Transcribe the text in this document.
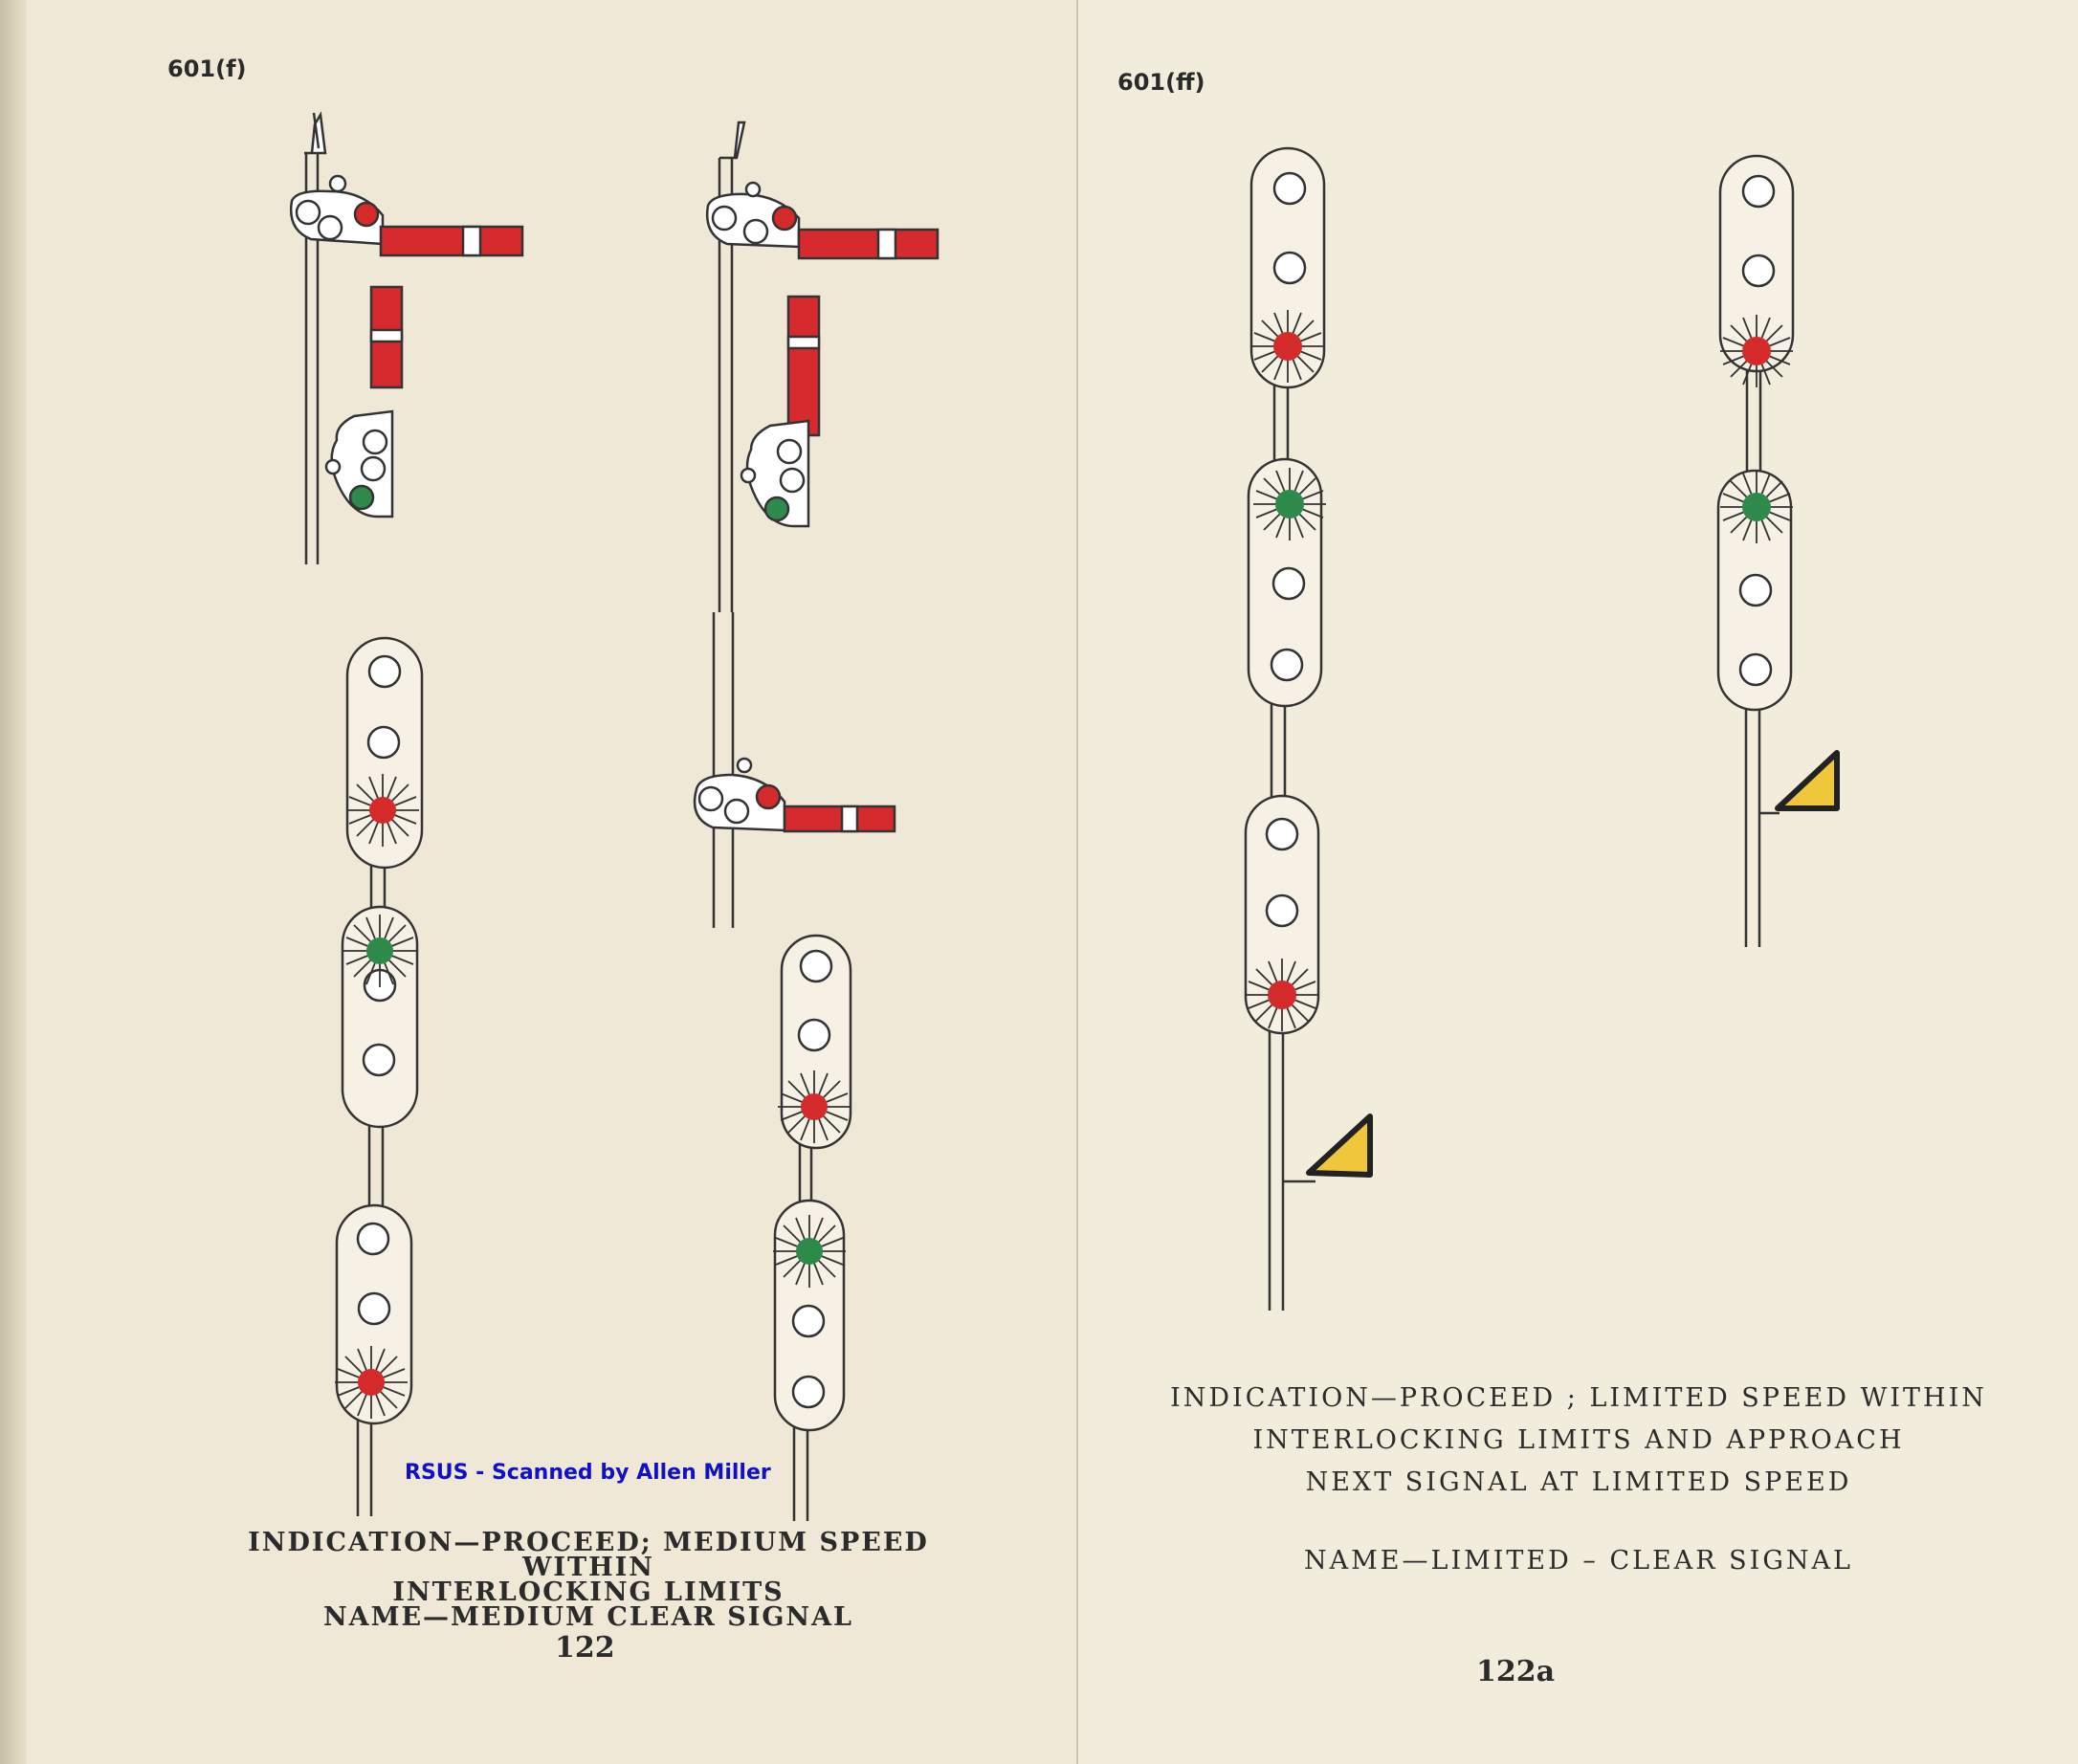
601(f)	601(ff)
RSUS - Scanned by Allen Miller
INDICATION—PROCEED; MEDIUM SPEED WITHIN
INTERLOCKING LIMITS
NAME—MEDIUM CLEAR SIGNAL
122
INDICATION—PROCEED ; LIMITED SPEED WITHIN
INTERLOCKING LIMITS AND APPROACH
NEXT SIGNAL AT LIMITED SPEED
NAME—LIMITED – CLEAR SIGNAL
122a
